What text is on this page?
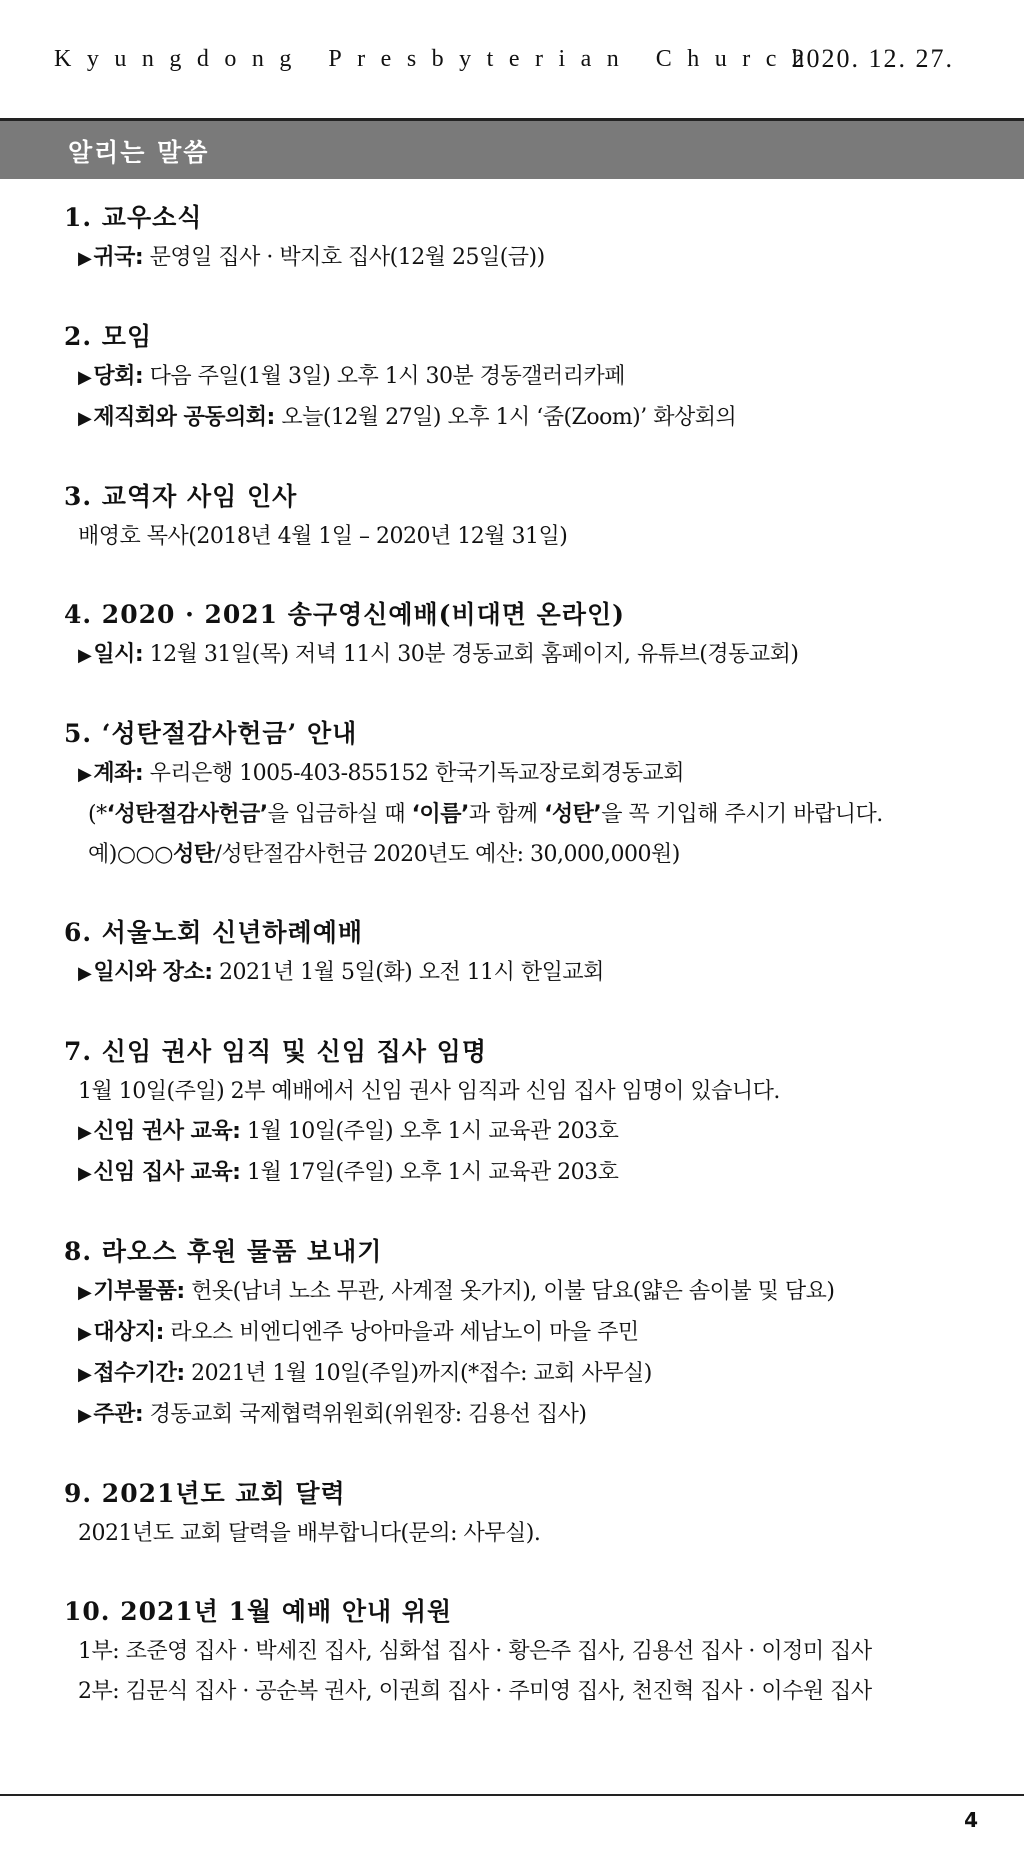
Kyungdong Presbyterian Church
2020. 12. 27.
알리는 말씀
1. 교우소식
▶귀국: 문영일 집사 · 박지호 집사(12월 25일(금))
2. 모임
▶당회: 다음 주일(1월 3일) 오후 1시 30분 경동갤러리카페
▶제직회와 공동의회: 오늘(12월 27일) 오후 1시 ‘줌(Zoom)’ 화상회의
3. 교역자 사임 인사
배영호 목사(2018년 4월 1일 – 2020년 12월 31일)
4. 2020 · 2021 송구영신예배(비대면 온라인)
▶일시: 12월 31일(목) 저녁 11시 30분 경동교회 홈페이지, 유튜브(경동교회)
5. ‘성탄절감사헌금’ 안내
▶계좌: 우리은행 1005-403-855152 한국기독교장로회경동교회
(*‘성탄절감사헌금’을 입금하실 때 ‘이름’과 함께 ‘성탄’을 꼭 기입해 주시기 바랍니다.
예)○○○성탄/성탄절감사헌금 2020년도 예산: 30,000,000원)
6. 서울노회 신년하례예배
▶일시와 장소: 2021년 1월 5일(화) 오전 11시 한일교회
7. 신임 권사 임직 및 신임 집사 임명
1월 10일(주일) 2부 예배에서 신임 권사 임직과 신임 집사 임명이 있습니다.
▶신임 권사 교육: 1월 10일(주일) 오후 1시 교육관 203호
▶신임 집사 교육: 1월 17일(주일) 오후 1시 교육관 203호
8. 라오스 후원 물품 보내기
▶기부물품: 헌옷(남녀 노소 무관, 사계절 옷가지), 이불 담요(얇은 솜이불 및 담요)
▶대상지: 라오스 비엔디엔주 낭아마을과 세남노이 마을 주민
▶접수기간: 2021년 1월 10일(주일)까지(*접수: 교회 사무실)
▶주관: 경동교회 국제협력위원회(위원장: 김용선 집사)
9. 2021년도 교회 달력
2021년도 교회 달력을 배부합니다(문의: 사무실).
10. 2021년 1월 예배 안내 위원
1부: 조준영 집사 · 박세진 집사, 심화섭 집사 · 황은주 집사, 김용선 집사 · 이정미 집사
2부: 김문식 집사 · 공순복 권사, 이권희 집사 · 주미영 집사, 천진혁 집사 · 이수원 집사
4
